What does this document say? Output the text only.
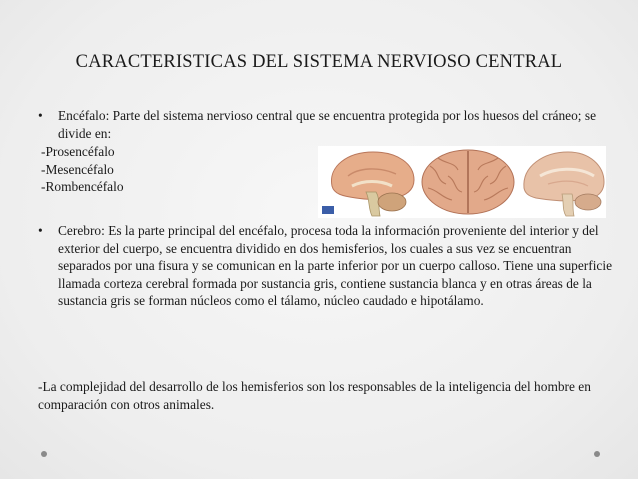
CARACTERISTICAS DEL SISTEMA NERVIOSO CENTRAL
•	Encéfalo: Parte del sistema nervioso central que se encuentra protegida por los huesos del cráneo; se divide en:
-Prosencéfalo
-Mesencéfalo
-Rombencéfalo
•	Cerebro: Es la parte principal del encéfalo, procesa toda la información proveniente del interior y del exterior del cuerpo, se encuentra dividido en dos hemisferios, los cuales a sus vez se encuentran separados por una fisura y se comunican en la parte inferior por un cuerpo calloso. Tiene una superficie llamada corteza cerebral formada por sustancia gris, contiene sustancia blanca y en otras áreas de la sustancia gris se forman núcleos como el tálamo, núcleo caudado e hipotálamo.
-La complejidad del desarrollo de los hemisferios son los responsables de la inteligencia del hombre en comparación con otros animales.
